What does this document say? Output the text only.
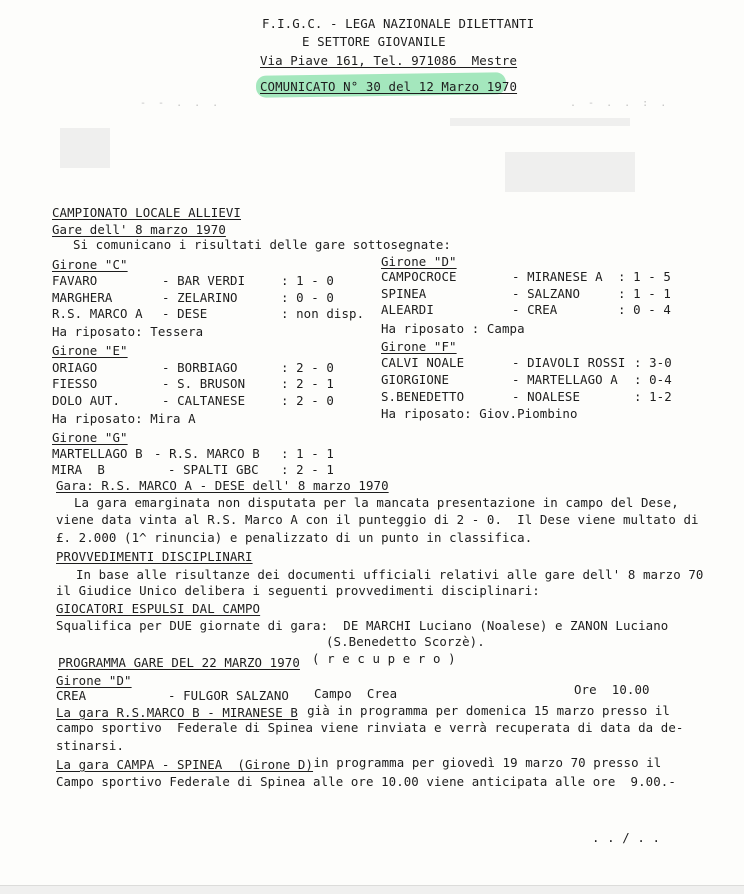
- - . . .	. - . . : .
F.I.G.C. - LEGA NAZIONALE DILETTANTI
E SETTORE GIOVANILE
Via Piave 161, Tel. 971086  Mestre
COMUNICATO N° 30 del 12 Marzo 1970
CAMPIONATO LOCALE ALLIEVI
Gare dell' 8 marzo 1970
Si comunicano i risultati delle gare sottosegnate:
Girone "C"
FAVARO	- BAR VERDI	: 1 - 0
MARGHERA	- ZELARINO	: 0 - 0
R.S. MARCO A - DESE	: non disp.
Ha riposato: Tessera
Girone "E"
ORIAGO	- BORBIAGO	: 2 - 0
FIESSO	- S. BRUSON	: 2 - 1
DOLO AUT.	- CALTANESE	: 2 - 0
Ha riposato: Mira A
Girone "G"
MARTELLAGO B - R.S. MARCO B : 1 - 1
MIRA  B	- SPALTI GBC : 2 - 1
Girone "D"
CAMPOCROCE	- MIRANESE A : 1 - 5
SPINEA	- SALZANO	: 1 - 1
ALEARDI	- CREA	: 0 - 4
Ha riposato : Campa
Girone "F"
CALVI NOALE	- DIAVOLI ROSSI : 3-0
GIORGIONE	- MARTELLAGO A : 0-4
S.BENEDETTO	- NOALESE	: 1-2
Ha riposato: Giov.Piombino
Gara: R.S. MARCO A - DESE dell' 8 marzo 1970
La gara emarginata non disputata per la mancata presentazione in campo del Dese,
viene data vinta al R.S. Marco A con il punteggio di 2 - 0.  Il Dese viene multato di
£. 2.000 (1^ rinuncia) e penalizzato di un punto in classifica.
PROVVEDIMENTI DISCIPLINARI
In base alle risultanze dei documenti ufficiali relativi alle gare dell' 8 marzo 70
il Giudice Unico delibera i seguenti provvedimenti disciplinari:
GIOCATORI ESPULSI DAL CAMPO
Squalifica per DUE giornate di gara:  DE MARCHI Luciano (Noalese) e ZANON Luciano
(S.Benedetto Scorzè).
PROGRAMMA GARE DEL 22 MARZO 1970 ( r e c u p e r o )
Girone "D"
CREA	- FULGOR SALZANO Campo  Crea	Ore  10.00
La gara R.S.MARCO B - MIRANESE B
già in programma per domenica 15 marzo presso il
campo sportivo  Federale di Spinea viene rinviata e verrà recuperata di data da de-
stinarsi.
La gara CAMPA - SPINEA  (Girone D)
in programma per giovedì 19 marzo 70 presso il
Campo sportivo Federale di Spinea alle ore 10.00 viene anticipata alle ore  9.00.-
. . / . .
